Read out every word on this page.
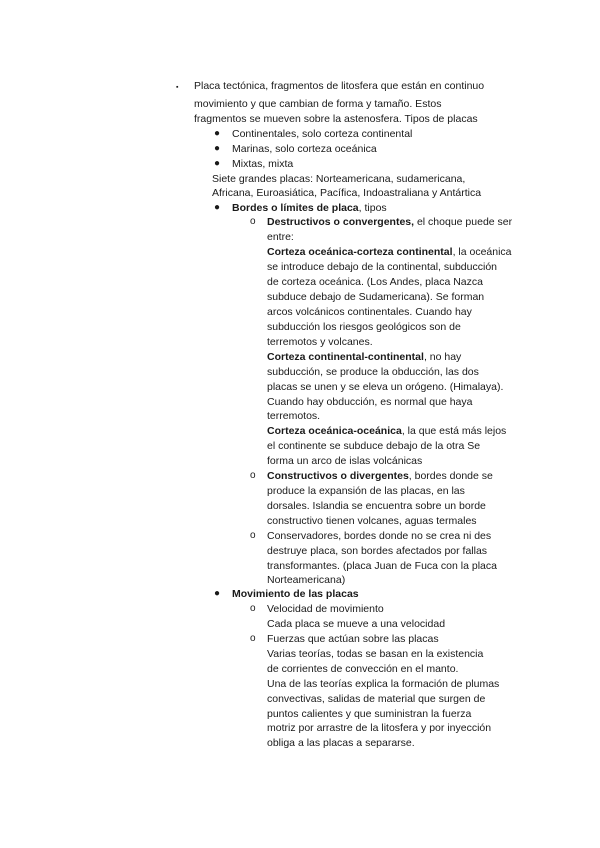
▪ Placa tectónica, fragmentos de litosfera que están en continuo
movimiento y que cambian de forma y tamaño. Estos
fragmentos se mueven sobre la astenosfera. Tipos de placas
● Continentales, solo corteza continental
● Marinas, solo corteza oceánica
● Mixtas, mixta
Siete grandes placas: Norteamericana, sudamericana,
Africana, Euroasiática, Pacífica, Indoastraliana y Antártica
● Bordes o límites de placa, tipos
o Destructivos o convergentes, el choque puede ser
entre:
Corteza oceánica-corteza continental, la oceánica
se introduce debajo de la continental, subducción
de corteza oceánica. (Los Andes, placa Nazca
subduce debajo de Sudamericana). Se forman
arcos volcánicos continentales. Cuando hay
subducción los riesgos geológicos son de
terremotos y volcanes.
Corteza continental-continental, no hay
subducción, se produce la obducción, las dos
placas se unen y se eleva un orógeno. (Himalaya).
Cuando hay obducción, es normal que haya
terremotos.
Corteza oceánica-oceánica, la que está más lejos
el continente se subduce debajo de la otra Se
forma un arco de islas volcánicas
o Constructivos o divergentes, bordes donde se
produce la expansión de las placas, en las
dorsales. Islandia se encuentra sobre un borde
constructivo tienen volcanes, aguas termales
o Conservadores, bordes donde no se crea ni des
destruye placa, son bordes afectados por fallas
transformantes. (placa Juan de Fuca con la placa
Norteamericana)
● Movimiento de las placas
o Velocidad de movimiento
Cada placa se mueve a una velocidad
o Fuerzas que actúan sobre las placas
Varias teorías, todas se basan en la existencia
de corrientes de convección en el manto.
Una de las teorías explica la formación de plumas
convectivas, salidas de material que surgen de
puntos calientes y que suministran la fuerza
motriz por arrastre de la litosfera y por inyección
obliga a las placas a separarse.
